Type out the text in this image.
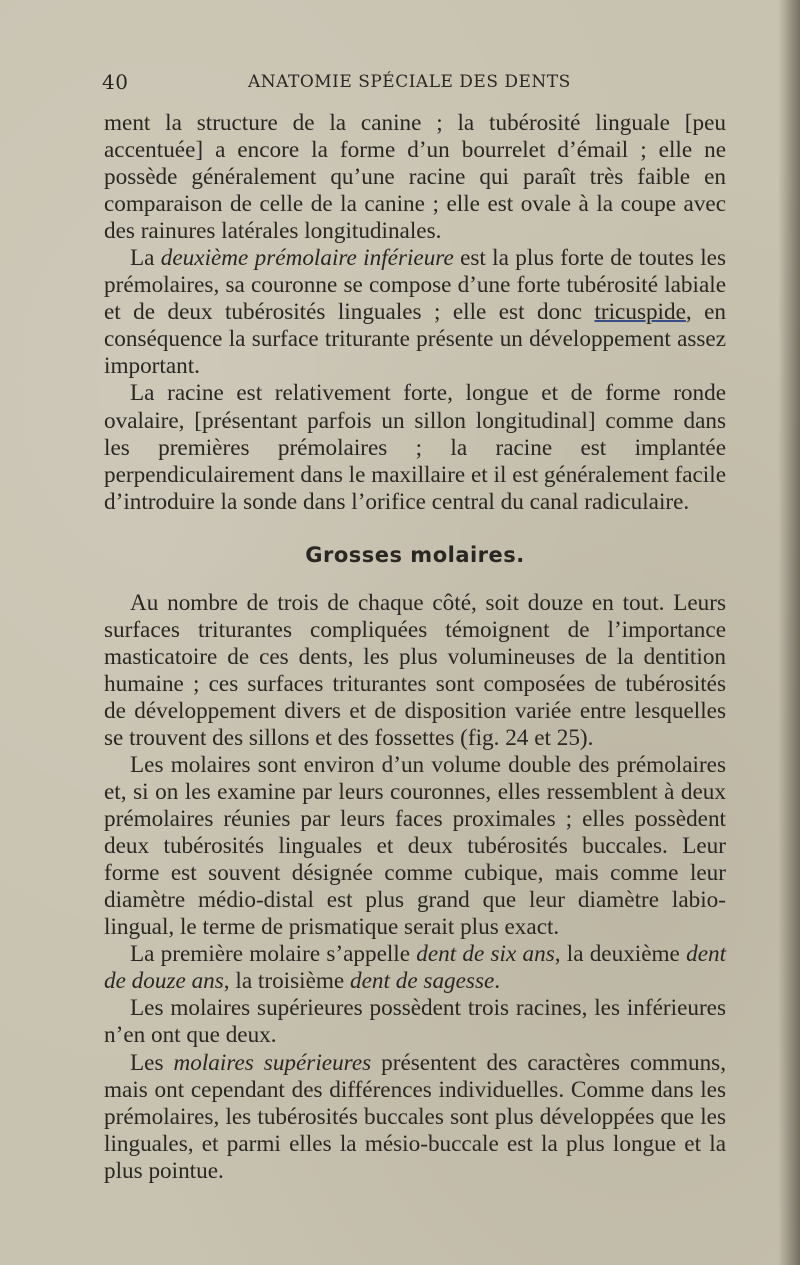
40	ANATOMIE SPÉCIALE DES DENTS

ment la structure de la canine ; la tubérosité linguale [peu accentuée] a encore la forme d’un bourrelet d’émail ; elle ne possède généralement qu’une racine qui paraît très faible en comparaison de celle de la canine ; elle est ovale à la coupe avec des rainures latérales longitudinales.

La deuxième prémolaire inférieure est la plus forte de toutes les prémolaires, sa couronne se compose d’une forte tubérosité labiale et de deux tubérosités linguales ; elle est donc tricuspide, en conséquence la surface triturante présente un développement assez important.

La racine est relativement forte, longue et de forme ronde ovalaire, [présentant parfois un sillon longitudinal] comme dans les premières prémolaires ; la racine est implantée perpendiculairement dans le maxillaire et il est généralement facile d’introduire la sonde dans l’orifice central du canal radiculaire.

Grosses molaires.

Au nombre de trois de chaque côté, soit douze en tout. Leurs surfaces triturantes compliquées témoignent de l’importance masticatoire de ces dents, les plus volumineuses de la dentition humaine ; ces surfaces triturantes sont composées de tubérosités de développement divers et de disposition variée entre lesquelles se trouvent des sillons et des fossettes (fig. 24 et 25).

Les molaires sont environ d’un volume double des prémolaires et, si on les examine par leurs couronnes, elles ressemblent à deux prémolaires réunies par leurs faces proximales ; elles possèdent deux tubérosités linguales et deux tubérosités buccales. Leur forme est souvent désignée comme cubique, mais comme leur diamètre médio-distal est plus grand que leur diamètre labio-lingual, le terme de prismatique serait plus exact.

La première molaire s’appelle dent de six ans, la deuxième dent de douze ans, la troisième dent de sagesse.

Les molaires supérieures possèdent trois racines, les inférieures n’en ont que deux.

Les molaires supérieures présentent des caractères communs, mais ont cependant des différences individuelles. Comme dans les prémolaires, les tubérosités buccales sont plus développées que les linguales, et parmi elles la mésio-buccale est la plus longue et la plus pointue.
